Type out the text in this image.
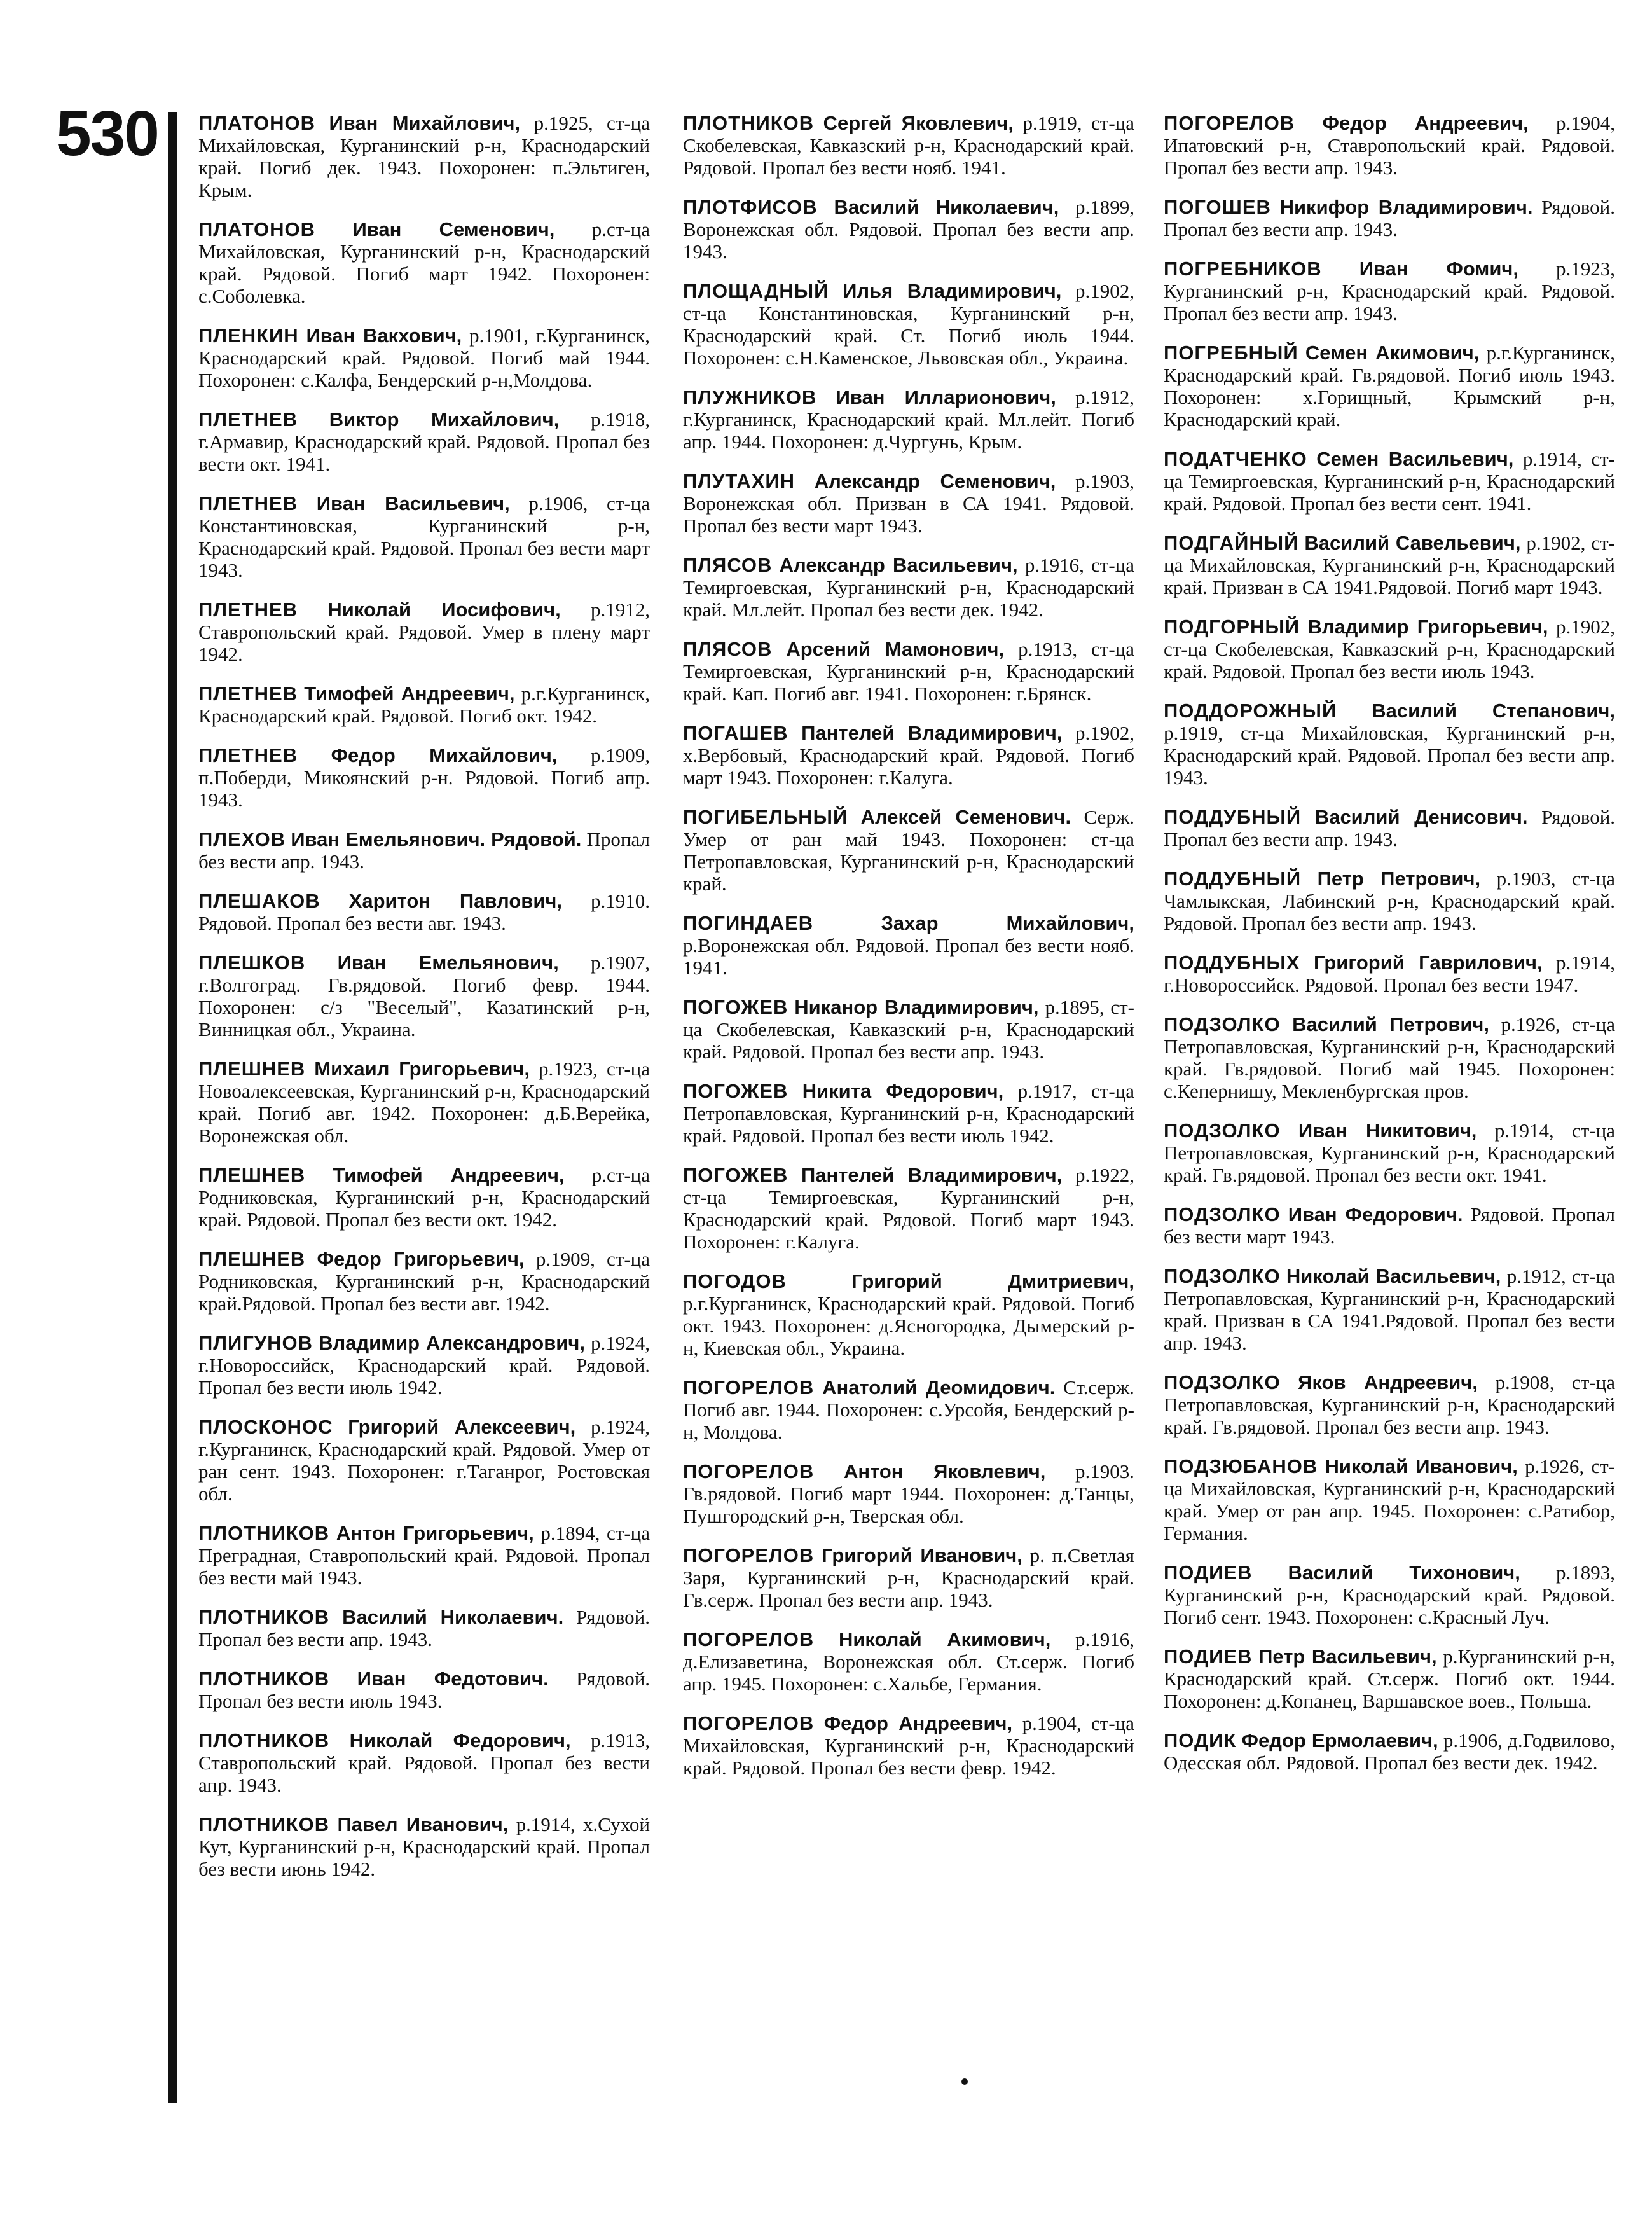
530 ПЛАТОНОВ Иван Михайлович, р.1925, ст-ца Михайловская, Курганинский р-н, Краснодарский край. Погиб дек. 1943. Похоронен: п.Эльтиген, Крым.

ПЛАТОНОВ Иван Семенович, р.ст-ца Михайловская, Курганинский р-н, Краснодарский край. Рядовой. Погиб март 1942. Похоронен: с.Соболевка.

ПЛЕНКИН Иван Вакхович, р.1901, г.Курганинск, Краснодарский край. Рядовой. Погиб май 1944. Похоронен: с.Калфа, Бендерский р-н,Молдова.

ПЛЕТНЕВ Виктор Михайлович, р.1918, г.Армавир, Краснодарский край. Рядовой. Пропал без вести окт. 1941.

ПЛЕТНЕВ Иван Васильевич, р.1906, ст-ца Константиновская, Курганинский р-н, Краснодарский край. Рядовой. Пропал без вести март 1943.

ПЛЕТНЕВ Николай Иосифович, р.1912, Ставропольский край. Рядовой. Умер в плену март 1942.

ПЛЕТНЕВ Тимофей Андреевич, р.г.Курганинск, Краснодарский край. Рядовой. Погиб окт. 1942.

ПЛЕТНЕВ Федор Михайлович, р.1909, п.Поберди, Микоянский р-н. Рядовой. Погиб апр. 1943.

ПЛЕХОВ Иван Емельянович. Рядовой. Пропал без вести апр. 1943.

ПЛЕШАКОВ Харитон Павлович, р.1910. Рядовой. Пропал без вести авг. 1943.

ПЛЕШКОВ Иван Емельянович, р.1907, г.Волгоград. Гв.рядовой. Погиб февр. 1944. Похоронен: с/з "Веселый", Казатинский р-н, Винницкая обл., Украина.

ПЛЕШНЕВ Михаил Григорьевич, р.1923, ст-ца Новоалексеевская, Курганинский р-н, Краснодарский край. Погиб авг. 1942. Похоронен: д.Б.Верейка, Воронежская обл.

ПЛЕШНЕВ Тимофей Андреевич, р.ст-ца Родниковская, Курганинский р-н, Краснодарский край. Рядовой. Пропал без вести окт. 1942.

ПЛЕШНЕВ Федор Григорьевич, р.1909, ст-ца Родниковская, Курганинский р-н, Краснодарский край.Рядовой. Пропал без вести авг. 1942.

ПЛИГУНОВ Владимир Александрович, р.1924, г.Новороссийск, Краснодарский край. Рядовой. Пропал без вести июль 1942.

ПЛОСКОНОС Григорий Алексеевич, р.1924, г.Курганинск, Краснодарский край. Рядовой. Умер от ран сент. 1943. Похоронен: г.Таганрог, Ростовская обл.

ПЛОТНИКОВ Антон Григорьевич, р.1894, ст-ца Преградная, Ставропольский край. Рядовой. Пропал без вести май 1943.

ПЛОТНИКОВ Василий Николаевич. Рядовой. Пропал без вести апр. 1943.

ПЛОТНИКОВ Иван Федотович. Рядовой. Пропал без вести июль 1943.

ПЛОТНИКОВ Николай Федорович, р.1913, Ставропольский край. Рядовой. Пропал без вести апр. 1943.

ПЛОТНИКОВ Павел Иванович, р.1914, х.Сухой Кут, Курганинский р-н, Краснодарский край. Пропал без вести июнь 1942.

ПЛОТНИКОВ Сергей Яковлевич, р.1919, ст-ца Скобелевская, Кавказский р-н, Краснодарский край. Рядовой. Пропал без вести нояб. 1941.

ПЛОТФИСОВ Василий Николаевич, р.1899, Воронежская обл. Рядовой. Пропал без вести апр. 1943.

ПЛОЩАДНЫЙ Илья Владимирович, р.1902, ст-ца Константиновская, Курганинский р-н, Краснодарский край. Ст. Погиб июль 1944. Похоронен: с.Н.Каменское, Львовская обл., Украина.

ПЛУЖНИКОВ Иван Илларионович, р.1912, г.Курганинск, Краснодарский край. Мл.лейт. Погиб апр. 1944. Похоронен: д.Чургунь, Крым.

ПЛУТАХИН Александр Семенович, р.1903, Воронежская обл. Призван в СА 1941. Рядовой. Пропал без вести март 1943.

ПЛЯСОВ Александр Васильевич, р.1916, ст-ца Темиргоевская, Курганинский р-н, Краснодарский край. Мл.лейт. Пропал без вести дек. 1942.

ПЛЯСОВ Арсений Мамонович, р.1913, ст-ца Темиргоевская, Курганинский р-н, Краснодарский край. Кап. Погиб авг. 1941. Похоронен: г.Брянск.

ПОГАШЕВ Пантелей Владимирович, р.1902, х.Вербовый, Краснодарский край. Рядовой. Погиб март 1943. Похоронен: г.Калуга.

ПОГИБЕЛЬНЫЙ Алексей Семенович. Серж. Умер от ран май 1943. Похоронен: ст-ца Петропавловская, Курганинский р-н, Краснодарский край.

ПОГИНДАЕВ	Захар Михайлович, р.Воронежская обл. Рядовой. Пропал без вести нояб. 1941.

ПОГОЖЕВ Никанор Владимирович, р.1895, ст-ца Скобелевская, Кавказский р-н, Краснодарский край. Рядовой. Пропал без вести апр. 1943.

ПОГОЖЕВ Никита Федорович, р.1917, ст-ца Петропавловская, Курганинский р-н, Краснодарский край. Рядовой. Пропал без вести июль 1942.

ПОГОЖЕВ Пантелей Владимирович, р.1922, ст-ца Темиргоевская, Курганинский р-н, Краснодарский край. Рядовой. Погиб март 1943. Похоронен: г.Калуга.

ПОГОДОВ	Григорий Дмитриевич, р.г.Курганинск, Краснодарский край. Рядовой. Погиб окт. 1943. Похоронен: д.Ясногородка, Дымерский р-н, Киевская обл., Украина.

ПОГОРЕЛОВ Анатолий Деомидович. Ст.серж. Погиб авг. 1944. Похоронен: с.Урсойя, Бендерский р-н, Молдова.

ПОГОРЕЛОВ Антон Яковлевич, р.1903. Гв.рядовой. Погиб март 1944. Похоронен: д.Танцы, Пушгородский р-н, Тверская обл.

ПОГОРЕЛОВ Григорий Иванович, р. п.Светлая Заря, Курганинский р-н, Краснодарский край. Гв.серж. Пропал без вести апр. 1943.

ПОГОРЕЛОВ Николай Акимович, р.1916, д.Елизаветина, Воронежская обл. Ст.серж. Погиб апр. 1945. Похоронен: с.Хальбе, Германия.

ПОГОРЕЛОВ Федор Андреевич, р.1904, ст-ца Михайловская, Курганинский р-н, Краснодарский край. Рядовой. Пропал без вести февр. 1942.

ПОГОРЕЛОВ Федор Андреевич, р.1904, Ипатовский р-н, Ставропольский край. Рядовой. Пропал без вести апр. 1943.

ПОГОШЕВ Никифор Владимирович. Рядовой. Пропал без вести апр. 1943.

ПОГРЕБНИКОВ Иван Фомич, р.1923, Курганинский р-н, Краснодарский край. Рядовой. Пропал без вести апр. 1943.

ПОГРЕБНЫЙ Семен Акимович, р.г.Курганинск, Краснодарский край. Гв.рядовой. Погиб июль 1943. Похоронен: х.Горищный, Крымский р-н, Краснодарский край.

ПОДАТЧЕНКО Семен Васильевич, р.1914, ст-ца Темиргоевская, Курганинский р-н, Краснодарский край. Рядовой. Пропал без вести сент. 1941.

ПОДГАЙНЫЙ Василий Савельевич, р.1902, ст-ца Михайловская, Курганинский р-н, Краснодарский край. Призван в СА 1941.Рядовой. Погиб март 1943.

ПОДГОРНЫЙ Владимир Григорьевич, р.1902, ст-ца Скобелевская, Кавказский р-н, Краснодарский край. Рядовой. Пропал без вести июль 1943.

ПОДДОРОЖНЫЙ Василий Степанович, р.1919, ст-ца Михайловская, Курганинский р-н, Краснодарский край. Рядовой. Пропал без вести апр. 1943.

ПОДДУБНЫЙ Василий Денисович. Рядовой. Пропал без вести апр. 1943.

ПОДДУБНЫЙ Петр Петрович, р.1903, ст-ца Чамлыкская, Лабинский р-н, Краснодарский край. Рядовой. Пропал без вести апр. 1943.

ПОДДУБНЫХ Григорий Гаврилович, р.1914, г.Новороссийск. Рядовой. Пропал без вести 1947.

ПОДЗОЛКО Василий Петрович, р.1926, ст-ца Петропавловская, Курганинский р-н, Краснодарский край. Гв.рядовой. Погиб май 1945. Похоронен: с.Кепернишу, Мекленбургская пров.

ПОДЗОЛКО Иван Никитович, р.1914, ст-ца Петропавловская, Курганинский р-н, Краснодарский край. Гв.рядовой. Пропал без вести окт. 1941.

ПОДЗОЛКО Иван Федорович. Рядовой. Пропал без вести март 1943.

ПОДЗОЛКО Николай Васильевич, р.1912, ст-ца Петропавловская, Курганинский р-н, Краснодарский край. Призван в СА 1941.Рядовой. Пропал без вести апр. 1943.

ПОДЗОЛКО Яков Андреевич, р.1908, ст-ца Петропавловская, Курганинский р-н, Краснодарский край. Гв.рядовой. Пропал без вести апр. 1943.

ПОДЗЮБАНОВ Николай Иванович, р.1926, ст-ца Михайловская, Курганинский р-н, Краснодарский край. Умер от ран апр. 1945. Похоронен: с.Ратибор, Германия.

ПОДИЕВ Василий Тихонович, р.1893, Курганинский р-н, Краснодарский край. Рядовой. Погиб сент. 1943. Похоронен: с.Красный Луч.

ПОДИЕВ Петр Васильевич, р.Курганинский р-н, Краснодарский край. Ст.серж. Погиб окт. 1944. Похоронен: д.Копанец, Варшавское воев., Польша.

ПОДИК Федор Ермолаевич, р.1906, д.Годвилово, Одесская обл. Рядовой. Пропал без вести дек. 1942.
